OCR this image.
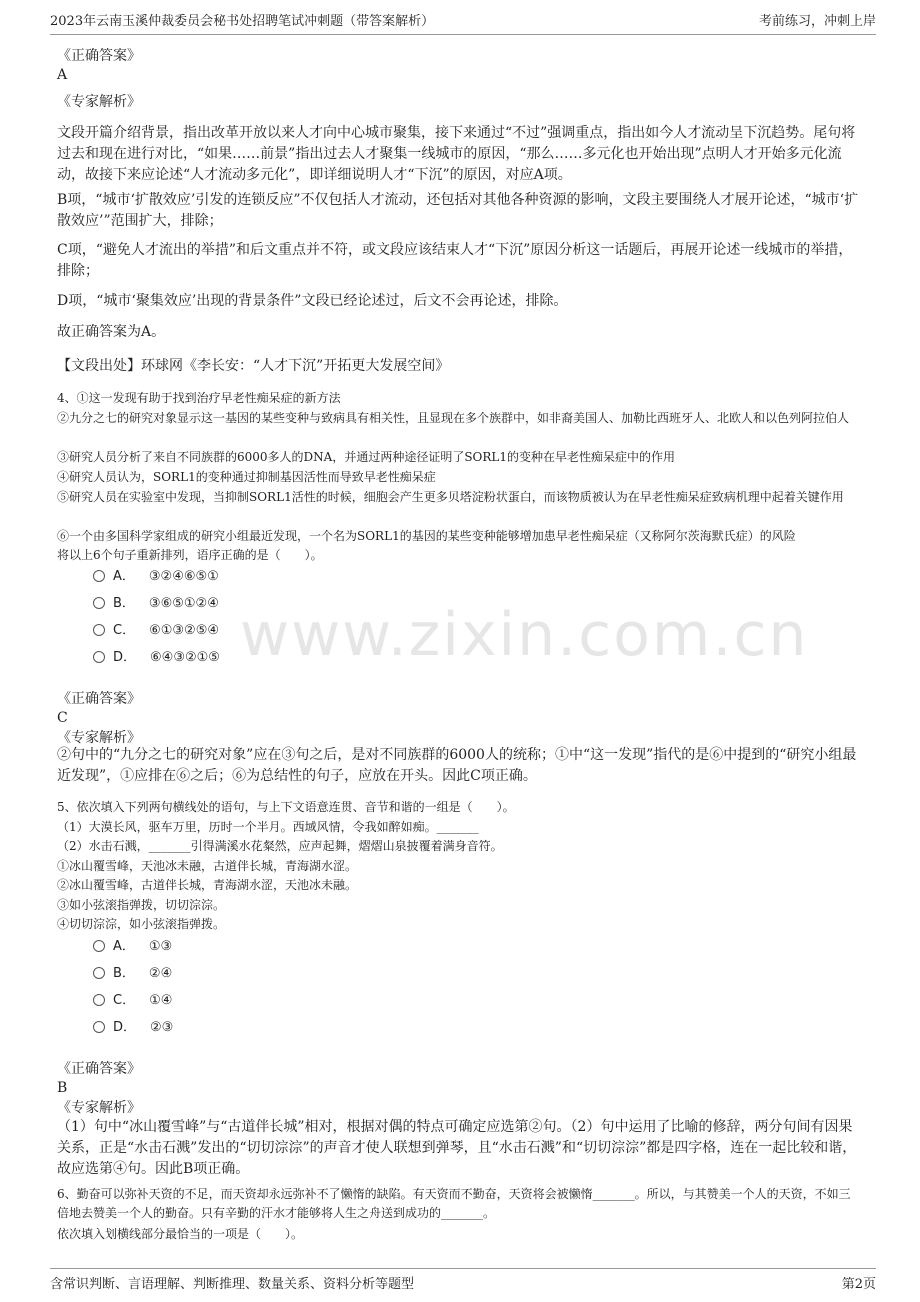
2023年云南玉溪仲裁委员会秘书处招聘笔试冲刺题（带答案解析）	考前练习，冲刺上岸
www.zixin.com.cn
《正确答案》
A
《专家解析》
文段开篇介绍背景，指出改革开放以来人才向中心城市聚集，接下来通过“不过”强调重点，指出如今人才流动呈下沉趋势。尾句将过去和现在进行对比，“如果……前景”指出过去人才聚集一线城市的原因，“那么……多元化也开始出现”点明人才开始多元化流动，故接下来应论述“人才流动多元化”，即详细说明人才“下沉”的原因，对应A项。
B项，“城市‘扩散效应’引发的连锁反应”不仅包括人才流动，还包括对其他各种资源的影响，文段主要围绕人才展开论述，“城市‘扩散效应’”范围扩大，排除；
C项，“避免人才流出的举措”和后文重点并不符，或文段应该结束人才“下沉”原因分析这一话题后，再展开论述一线城市的举措，排除；
D项，“城市‘聚集效应’出现的背景条件”文段已经论述过，后文不会再论述，排除。
故正确答案为A。
【文段出处】环球网《李长安：“人才下沉”开拓更大发展空间》
4、①这一发现有助于找到治疗早老性痴呆症的新方法
②九分之七的研究对象显示这一基因的某些变种与致病具有相关性，且显现在多个族群中，如非裔美国人、加勒比西班牙人、北欧人和以色列阿拉伯人
③研究人员分析了来自不同族群的6000多人的DNA，并通过两种途径证明了SORL1的变种在早老性痴呆症中的作用
④研究人员认为，SORL1的变种通过抑制基因活性而导致早老性痴呆症
⑤研究人员在实验室中发现，当抑制SORL1活性的时候，细胞会产生更多贝塔淀粉状蛋白，而该物质被认为在早老性痴呆症致病机理中起着关键作用
⑥一个由多国科学家组成的研究小组最近发现，一个名为SORL1的基因的某些变种能够增加患早老性痴呆症（又称阿尔茨海默氏症）的风险
将以上6个句子重新排列，语序正确的是（　　）。
A． ③②④⑥⑤①
B． ③⑥⑤①②④
C． ⑥①③②⑤④
D． ⑥④③②①⑤
《正确答案》
C
《专家解析》
②句中的“九分之七的研究对象”应在③句之后，是对不同族群的6000人的统称；①中“这一发现”指代的是⑥中提到的“研究小组最近发现”，①应排在⑥之后；⑥为总结性的句子，应放在开头。因此C项正确。
5、依次填入下列两句横线处的语句，与上下文语意连贯、音节和谐的一组是（　　）。
（1）大漠长风，驱车万里，历时一个半月。西域风情，令我如醉如痴。_______
（2）水击石溅，_______引得满溪水花粲然，应声起舞，熠熠山泉披覆着满身音符。
①冰山覆雪峰，天池冰未融，古道伴长城，青海湖水涩。
②冰山覆雪峰，古道伴长城，青海湖水涩，天池冰未融。
③如小弦滚指弹拨，切切淙淙。
④切切淙淙，如小弦滚指弹拨。
A． ①③
B． ②④
C． ①④
D． ②③
《正确答案》
B
《专家解析》
（1）句中“冰山覆雪峰”与“古道伴长城”相对，根据对偶的特点可确定应选第②句。（2）句中运用了比喻的修辞，两分句间有因果关系，正是“水击石溅”发出的“切切淙淙”的声音才使人联想到弹琴，且“水击石溅”和“切切淙淙”都是四字格，连在一起比较和谐，故应选第④句。因此B项正确。
6、勤奋可以弥补天资的不足，而天资却永远弥补不了懒惰的缺陷。有天资而不勤奋，天资将会被懒惰_______。所以，与其赞美一个人的天资，不如三倍地去赞美一个人的勤奋。只有辛勤的汗水才能够将人生之舟送到成功的_______。
依次填入划横线部分最恰当的一项是（　　）。
含常识判断、言语理解、判断推理、数量关系、资料分析等题型	第2页
